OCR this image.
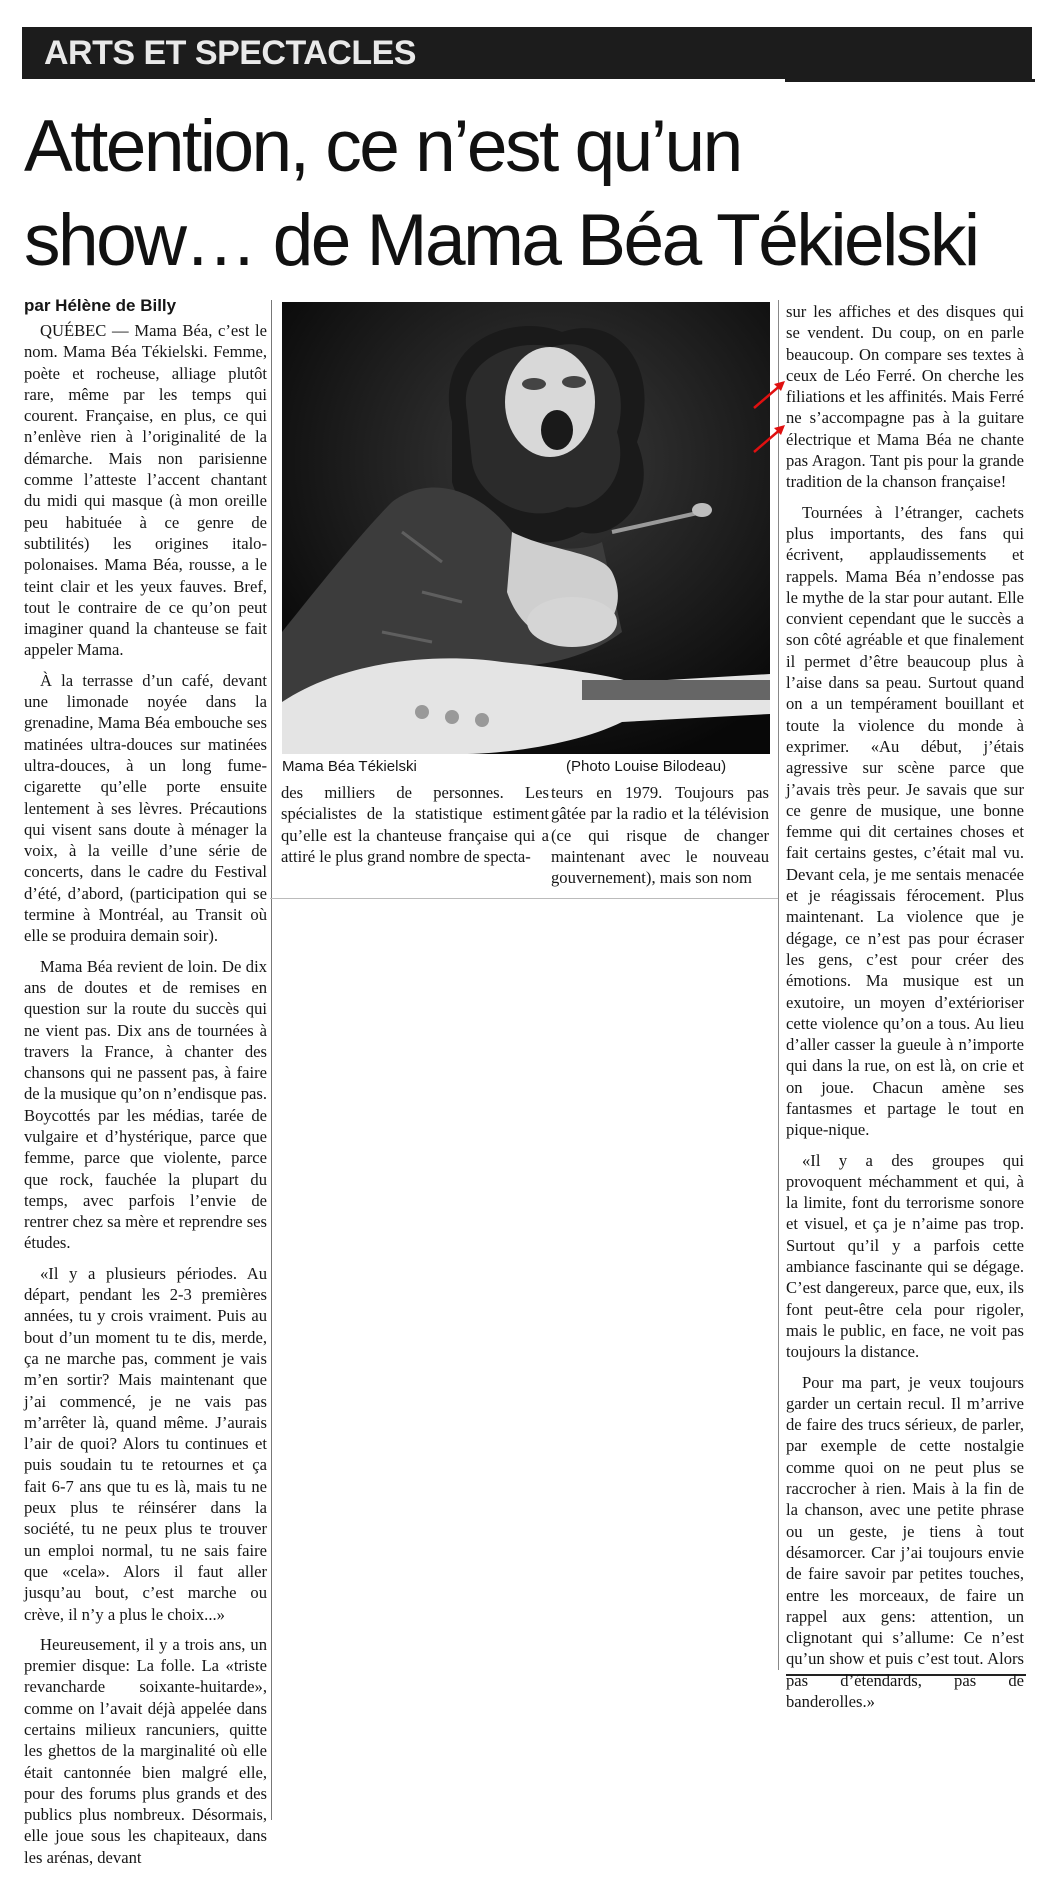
ARTS ET SPECTACLES
Attention, ce n’est qu’un
show… de Mama Béa Tékielski
par Hélène de Billy

QUÉBEC — Mama Béa, c’est le nom. Mama Béa Tékielski. Femme, poète et rocheuse, alliage plutôt rare, même par les temps qui courent. Française, en plus, ce qui n’enlève rien à l’originalité de la démarche. Mais non parisienne comme l’atteste l’accent chantant du midi qui masque (à mon oreille peu habituée à ce genre de subtilités) les origines italo-polonaises. Mama Béa, rousse, a le teint clair et les yeux fauves. Bref, tout le contraire de ce qu’on peut imaginer quand la chanteuse se fait appeler Mama.

À la terrasse d’un café, devant une limonade noyée dans la grenadine, Mama Béa embouche ses matinées ultra-douces sur matinées ultra-douces, à un long fume-cigarette qu’elle porte ensuite lentement à ses lèvres. Précautions qui visent sans doute à ménager la voix, à la veille d’une série de concerts, dans le cadre du Festival d’été, d’abord, (participation qui se termine à Montréal, au Transit où elle se produira demain soir).

Mama Béa revient de loin. De dix ans de doutes et de remises en question sur la route du succès qui ne vient pas. Dix ans de tournées à travers la France, à chanter des chansons qui ne passent pas, à faire de la musique qu’on n’endisque pas. Boycottés par les médias, tarée de vulgaire et d’hystérique, parce que femme, parce que violente, parce que rock, fauchée la plupart du temps, avec parfois l’envie de rentrer chez sa mère et reprendre ses études.

«Il y a plusieurs périodes. Au départ, pendant les 2-3 premières années, tu y crois vraiment. Puis au bout d’un moment tu te dis, merde, ça ne marche pas, comment je vais m’en sortir? Mais maintenant que j’ai commencé, je ne vais pas m’arrêter là, quand même. J’aurais l’air de quoi? Alors tu continues et puis soudain tu te retournes et ça fait 6-7 ans que tu es là, mais tu ne peux plus te réinsérer dans la société, tu ne peux plus te trouver un emploi normal, tu ne sais faire que «cela». Alors il faut aller jusqu’au bout, c’est marche ou crève, il n’y a plus le choix...»

Heureusement, il y a trois ans, un premier disque: La folle. La «triste revancharde soixante-huitarde», comme on l’avait déjà appelée dans certains milieux rancuniers, quitte les ghettos de la marginalité où elle était cantonnée bien malgré elle, pour des forums plus grands et des publics plus nombreux. Désormais, elle joue sous les chapiteaux, dans les arénas, devant

Mama Béa Tékielski	(Photo Louise Bilodeau)

des milliers de personnes. Les spécialistes de la statistique estiment qu’elle est la chanteuse française qui a attiré le plus grand nombre de specta-

teurs en 1979. Toujours pas gâtée par la radio et la télévision (ce qui risque de changer maintenant avec le nouveau gouvernement), mais son nom

sur les affiches et des disques qui se vendent. Du coup, on en parle beaucoup. On compare ses textes à ceux de Léo Ferré. On cherche les filiations et les affinités. Mais Ferré ne s’accompagne pas à la guitare électrique et Mama Béa ne chante pas Aragon. Tant pis pour la grande tradition de la chanson française!

Tournées à l’étranger, cachets plus importants, des fans qui écrivent, applaudissements et rappels. Mama Béa n’endosse pas le mythe de la star pour autant. Elle convient cependant que le succès a son côté agréable et que finalement il permet d’être beaucoup plus à l’aise dans sa peau. Surtout quand on a un tempérament bouillant et toute la violence du monde à exprimer. «Au début, j’étais agressive sur scène parce que j’avais très peur. Je savais que sur ce genre de musique, une bonne femme qui dit certaines choses et fait certains gestes, c’était mal vu. Devant cela, je me sentais menacée et je réagissais férocement. Plus maintenant. La violence que je dégage, ce n’est pas pour écraser les gens, c’est pour créer des émotions. Ma musique est un exutoire, un moyen d’extérioriser cette violence qu’on a tous. Au lieu d’aller casser la gueule à n’importe qui dans la rue, on est là, on crie et on joue. Chacun amène ses fantasmes et partage le tout en pique-nique.

«Il y a des groupes qui provoquent méchamment et qui, à la limite, font du terrorisme sonore et visuel, et ça je n’aime pas trop. Surtout qu’il y a parfois cette ambiance fascinante qui se dégage. C’est dangereux, parce que, eux, ils font peut-être cela pour rigoler, mais le public, en face, ne voit pas toujours la distance.

Pour ma part, je veux toujours garder un certain recul. Il m’arrive de faire des trucs sérieux, de parler, par exemple de cette nostalgie comme quoi on ne peut plus se raccrocher à rien. Mais à la fin de la chanson, avec une petite phrase ou un geste, je tiens à tout désamorcer. Car j’ai toujours envie de faire savoir par petites touches, entre les morceaux, de faire un rappel aux gens: attention, un clignotant qui s’allume: Ce n’est qu’un show et puis c’est tout. Alors pas d’étendards, pas de banderolles.»
